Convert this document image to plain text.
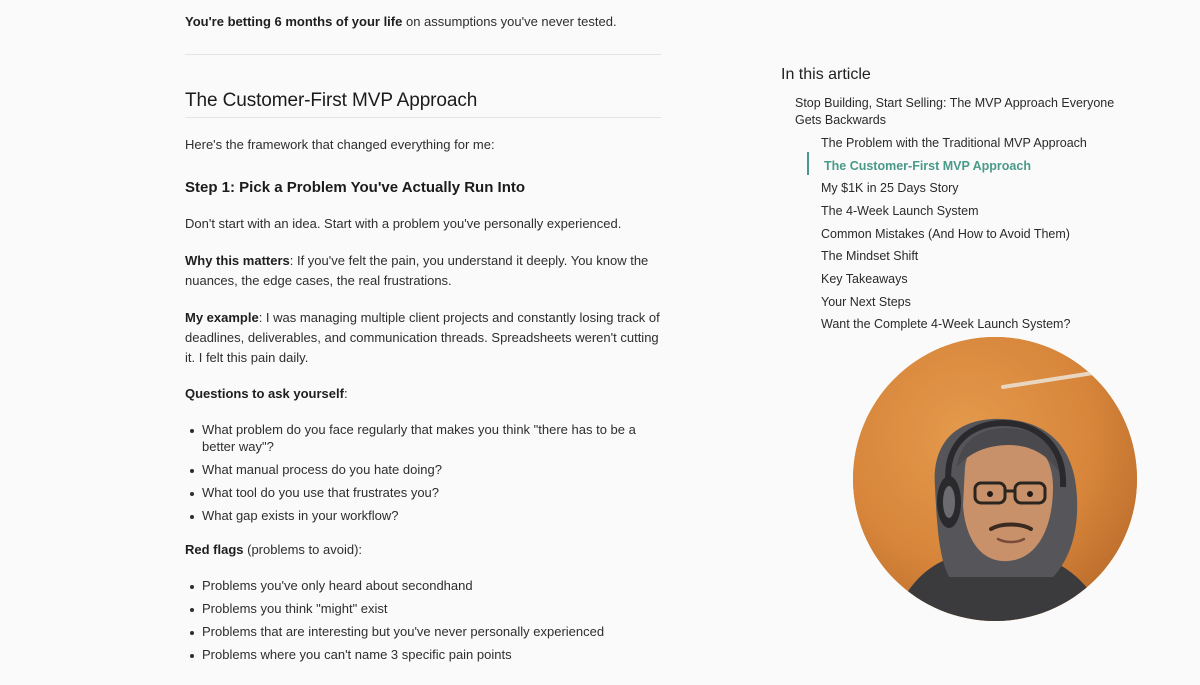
You're betting 6 months of your life on assumptions you've never tested.

The Customer-First MVP Approach

Here's the framework that changed everything for me:

Step 1: Pick a Problem You've Actually Run Into

Don't start with an idea. Start with a problem you've personally experienced.

Why this matters: If you've felt the pain, you understand it deeply. You know the nuances, the edge cases, the real frustrations.

My example: I was managing multiple client projects and constantly losing track of deadlines, deliverables, and communication threads. Spreadsheets weren't cutting it. I felt this pain daily.

Questions to ask yourself:

What problem do you face regularly that makes you think "there has to be a better way"?
What manual process do you hate doing?
What tool do you use that frustrates you?
What gap exists in your workflow?

Red flags (problems to avoid):

Problems you've only heard about secondhand
Problems you think "might" exist
Problems that are interesting but you've never personally experienced
Problems where you can't name 3 specific pain points
In this article
Stop Building, Start Selling: The MVP Approach Everyone Gets Backwards
The Problem with the Traditional MVP Approach
The Customer-First MVP Approach
My $1K in 25 Days Story
The 4-Week Launch System
Common Mistakes (And How to Avoid Them)
The Mindset Shift
Key Takeaways
Your Next Steps
Want the Complete 4-Week Launch System?
